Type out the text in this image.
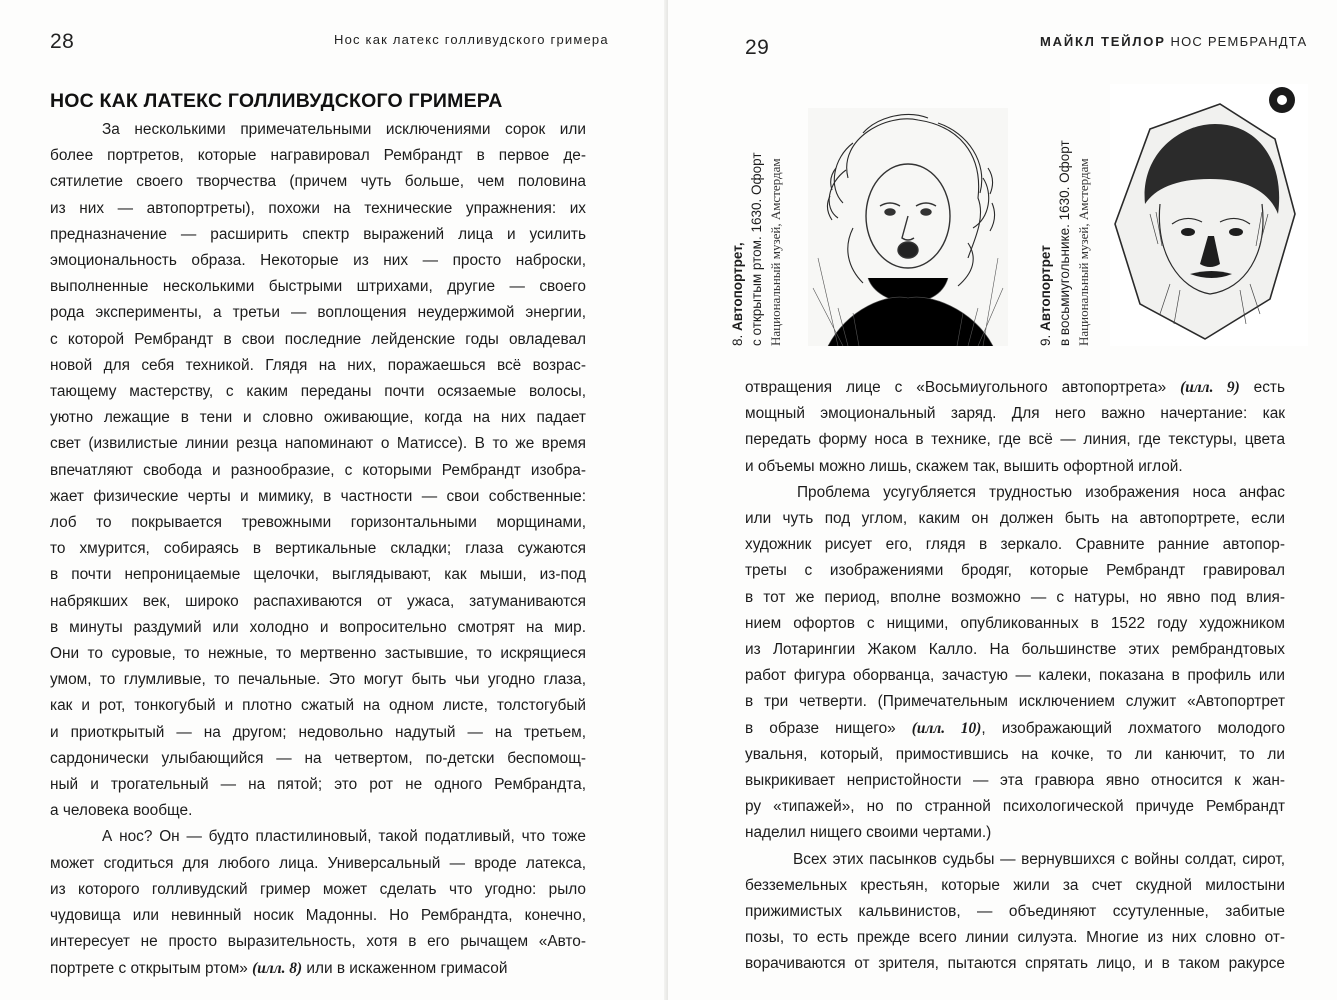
28	Нос как латекс голливудского гримера
НОС КАК ЛАТЕКС ГОЛЛИВУДСКОГО ГРИМЕРА

За несколькими примечательными исключениями сорок или

более портретов, которые награвировал Рембрандт в первое де-

сятилетие своего творчества (причем чуть больше, чем половина

из них — автопортреты), похожи на технические упражнения: их

предназначение — расширить спектр выражений лица и усилить

эмоциональность образа. Некоторые из них — просто наброски,

выполненные несколькими быстрыми штрихами, другие — своего

рода эксперименты, а третьи — воплощения неудержимой энергии,

с которой Рембрандт в свои последние лейденские годы овладевал

новой для себя техникой. Глядя на них, поражаешься всё возрас-

тающему мастерству, с каким переданы почти осязаемые волосы,

уютно лежащие в тени и словно оживающие, когда на них падает

свет (извилистые линии резца напоминают о Матиссе). В то же время

впечатляют свобода и разнообразие, с которыми Рембрандт изобра-

жает физические черты и мимику, в частности — свои собственные:

лоб то покрывается тревожными горизонтальными морщинами,

то хмурится, собираясь в вертикальные складки; глаза сужаются

в почти непроницаемые щелочки, выглядывают, как мыши, из-под

набрякших век, широко распахиваются от ужаса, затуманиваются

в минуты раздумий или холодно и вопросительно смотрят на мир.

Они то суровые, то нежные, то мертвенно застывшие, то искрящиеся

умом, то глумливые, то печальные. Это могут быть чьи угодно глаза,

как и рот, тонкогубый и плотно сжатый на одном листе, толстогубый

и приоткрытый — на другом; недовольно надутый — на третьем,

сардонически улыбающийся — на четвертом, по-детски беспомощ-

ный и трогательный — на пятой; это рот не одного Рембрандта,

а человека вообще.

А нос? Он — будто пластилиновый, такой податливый, что тоже

может сгодиться для любого лица. Универсальный — вроде латекса,

из которого голливудский гример может сделать что угодно: рыло

чудовища или невинный носик Мадонны. Но Рембрандта, конечно,

интересует не просто выразительность, хотя в его рычащем «Авто-

портрете с открытым ртом» (илл. 8) или в искаженном гримасой

29	МАЙКЛ ТЕЙЛОР НОС РЕМБРАНДТА
8. Автопортрет, с открытым ртом. 1630. Офорт Национальный музей, Амстердам	9. Автопортрет в восьмиугольнике. 1630. Офорт Национальный музей, Амстердам

отвращения лице с «Восьмиугольного автопортрета» (илл. 9) есть

мощный эмоциональный заряд. Для него важно начертание: как

передать форму носа в технике, где всё — линия, где текстуры, цвета

и объемы можно лишь, скажем так, вышить офортной иглой.

Проблема усугубляется трудностью изображения носа анфас

или чуть под углом, каким он должен быть на автопортрете, если

художник рисует его, глядя в зеркало. Сравните ранние автопор-

треты с изображениями бродяг, которые Рембрандт гравировал

в тот же период, вполне возможно — с натуры, но явно под влия-

нием офортов с нищими, опубликованных в 1522 году художником

из Лотарингии Жаком Калло. На большинстве этих рембрандтовых

работ фигура оборванца, зачастую — калеки, показана в профиль или

в три четверти. (Примечательным исключением служит «Автопортрет

в образе нищего» (илл. 10), изображающий лохматого молодого

увальня, который, примостившись на кочке, то ли канючит, то ли

выкрикивает непристойности — эта гравюра явно относится к жан-

ру «типажей», но по странной психологической причуде Рембрандт

наделил нищего своими чертами.)

Всех этих пасынков судьбы — вернувшихся с войны солдат, сирот,

безземельных крестьян, которые жили за счет скудной милостыни

прижимистых кальвинистов, — объединяют ссутуленные, забитые

позы, то есть прежде всего линии силуэта. Многие из них словно от-

ворачиваются от зрителя, пытаются спрятать лицо, и в таком ракурсе
